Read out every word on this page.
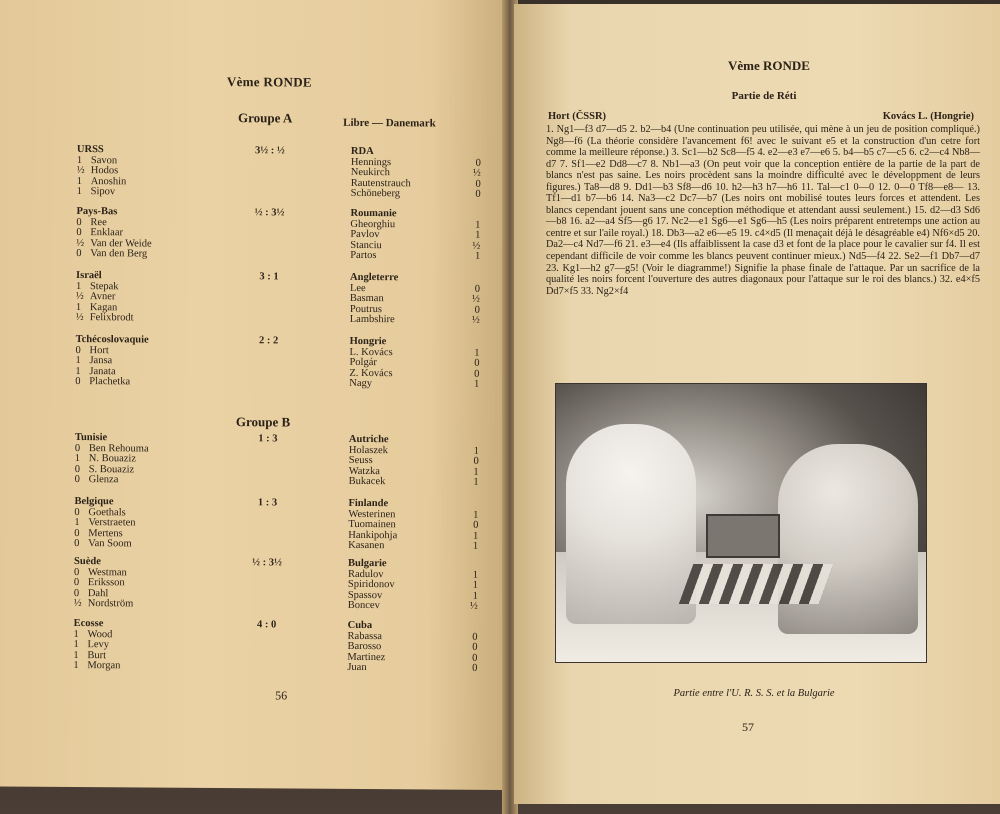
Vème RONDE
Groupe A	Libre — Danemark
URSS
1 Savon
½ Hodos
1 Anoshin
1 Sipov
3½ : ½	RDA
Hennings	0
Neukirch	½
Rautenstrauch	0
Schöneberg	0
Pays-Bas
0 Ree
0 Enklaar
½ Van der Weide
0 Van den Berg
½ : 3½	Roumanie
Gheorghiu	1
Pavlov	1
Stanciu	½
Partos	1
Israël
1 Stepak
½ Avner
1 Kagan
½ Felixbrodt
3 : 1	Angleterre
Lee	0
Basman	½
Poutrus	0
Lambshire	½
Tchécoslovaquie
0 Hort
1 Jansa
1 Janata
0 Plachetka
2 : 2	Hongrie
L. Kovács	1
Polgár	0
Z. Kovács	0
Nagy	1
Groupe B
Tunisie
0 Ben Rehouma
1 N. Bouaziz
0 S. Bouaziz
0 Glenza
1 : 3	Autriche
Holaszek	1
Seuss	0
Watzka	1
Bukacek	1
Belgique
0 Goethals
1 Verstraeten
0 Mertens
0 Van Soom
1 : 3	Finlande
Westerinen	1
Tuomainen	0
Hankipohja	1
Kasanen	1
Suède
0 Westman
0 Eriksson
0 Dahl
½ Nordström
½ : 3½	Bulgarie
Radulov	1
Spiridonov	1
Spassov	1
Boncev	½
Ecosse
1 Wood
1 Levy
1 Burt
1 Morgan
4 : 0	Cuba
Rabassa	0
Barosso	0
Martinez	0
Juan	0
56
Vème RONDE
Partie de Réti
Hort (ČSSR)	Kovács L. (Hongrie)
1. Ng1—f3 d7—d5 2. b2—b4 (Une continuation peu utilisée, qui mène à un jeu de position compliqué.) Ng8—f6 (La théorie considère l'avancement f6! avec le suivant e5 et la construction d'un cetre fort comme la meilleure réponse.) 3. Sc1—b2 Sc8—f5 4. e2—e3 e7—e6 5. b4—b5 c7—c5 6. c2—c4 Nb8—d7 7. Sf1—e2 Dd8—c7 8. Nb1—a3 (On peut voir que la conception entière de la partie de la part de blancs n'est pas saine. Les noirs procèdent sans la moindre difficulté avec le développment de leurs figures.) Ta8—d8 9. Dd1—b3 Sf8—d6 10. h2—h3 h7—h6 11. Tal—c1 0—0 12. 0—0 Tf8—e8— 13. Tf1—d1 b7—b6 14. Na3—c2 Dc7—b7 (Les noirs ont mobilisé toutes leurs forces et attendent. Les blancs cependant jouent sans une conception méthodique et attendant aussi seulement.) 15. d2—d3 Sd6—b8 16. a2—a4 Sf5—g6 17. Nc2—e1 Sg6—e1 Sg6—h5 (Les noirs préparent entretemps une action au centre et sur l'aile royal.) 18. Db3—a2 e6—e5 19. c4×d5 (Il menaçait déjà le désagréable e4) Nf6×d5 20. Da2—c4 Nd7—f6 21. e3—e4 (Ils affaiblissent la case d3 et font de la place pour le cavalier sur f4. Il est cependant difficile de voir comme les blancs peuvent continuer mieux.) Nd5—f4 22. Se2—f1 Db7—d7 23. Kg1—h2 g7—g5! (Voir le diagramme!) Signifie la phase finale de l'attaque. Par un sacrifice de la qualité les noirs forcent l'ouverture des autres diagonaux pour l'attaque sur le roi des blancs.) 32. e4×f5 Dd7×f5 33. Ng2×f4
Partie entre l'U. R. S. S. et la Bulgarie
57
